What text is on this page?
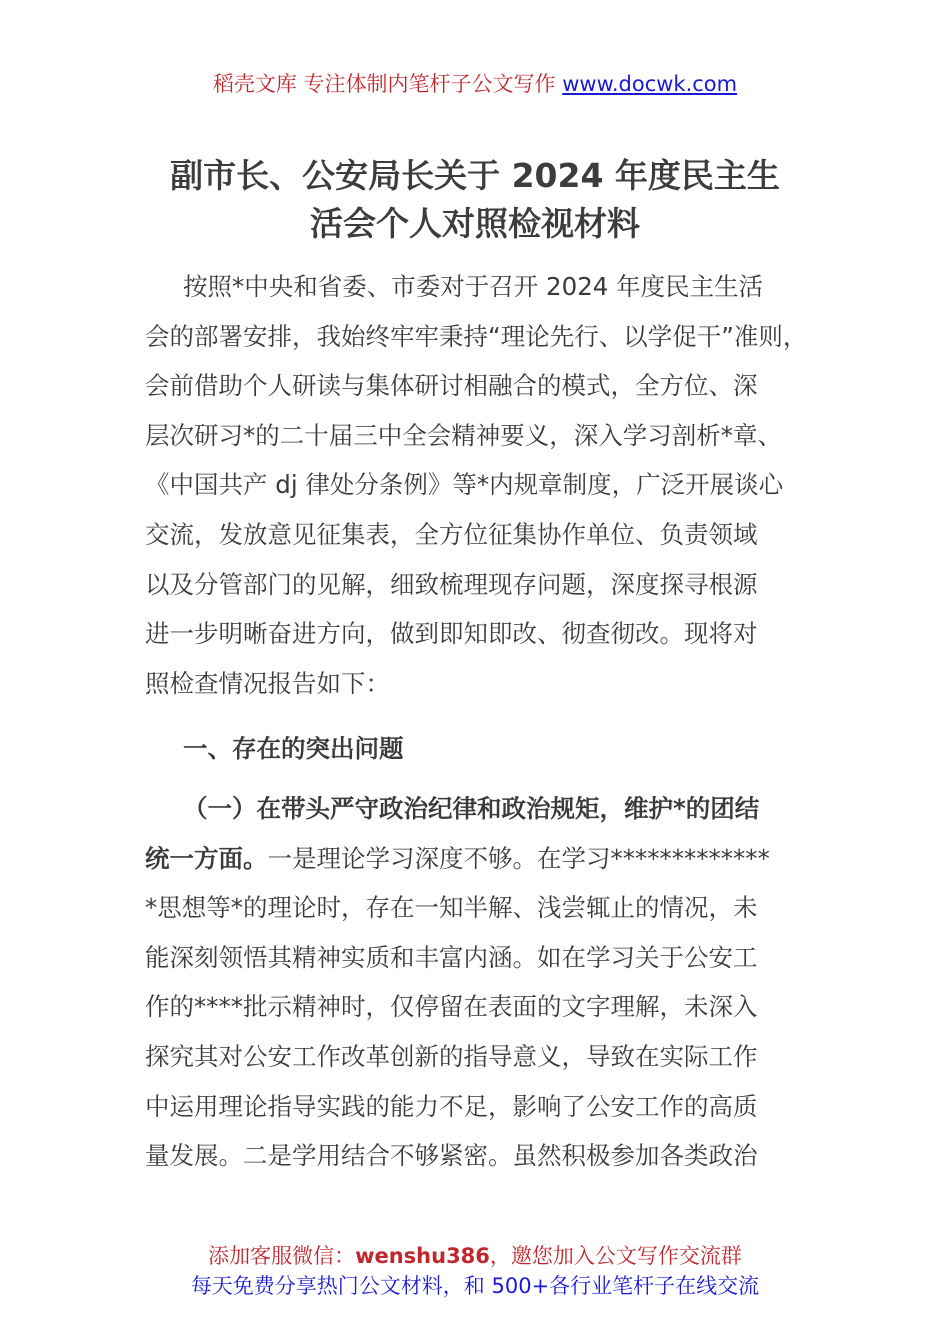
稻壳文库 专注体制内笔杆子公文写作 www.docwk.com
副市长、公安局长关于 2024 年度民主生
活会个人对照检视材料
按照*中央和省委、市委对于召开 2024 年度民主生活
会的部署安排，我始终牢牢秉持“理论先行、以学促干”准则，
会前借助个人研读与集体研讨相融合的模式，全方位、深
层次研习*的二十届三中全会精神要义，深入学习剖析*章、
《中国共产 dj 律处分条例》等*内规章制度，广泛开展谈心
交流，发放意见征集表，全方位征集协作单位、负责领域
以及分管部门的见解，细致梳理现存问题，深度探寻根源
进一步明晰奋进方向，做到即知即改、彻查彻改。现将对
照检查情况报告如下：
一、存在的突出问题
（一）在带头严守政治纪律和政治规矩，维护*的团结
统一方面。一是理论学习深度不够。在学习*************
*思想等*的理论时，存在一知半解、浅尝辄止的情况，未
能深刻领悟其精神实质和丰富内涵。如在学习关于公安工
作的****批示精神时，仅停留在表面的文字理解，未深入
探究其对公安工作改革创新的指导意义，导致在实际工作
中运用理论指导实践的能力不足，影响了公安工作的高质
量发展。二是学用结合不够紧密。虽然积极参加各类政治
添加客服微信：wenshu386，邀您加入公文写作交流群
每天免费分享热门公文材料，和 500+各行业笔杆子在线交流
